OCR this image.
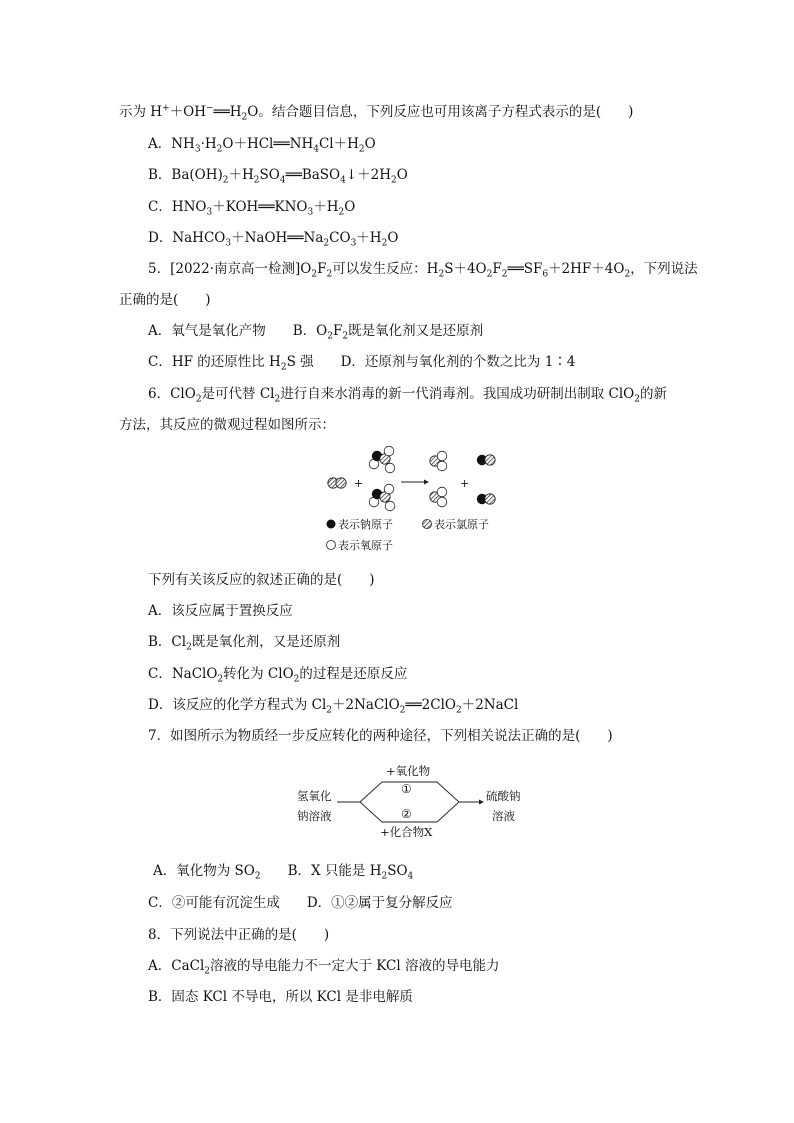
示为 $H^++OH^-══H_2O$。结合题目信息，下列反应也可用该离子方程式表示的是(　　)
A．$NH_3\cdot H_2O+HCl══NH_4Cl+H_2O$
B．$Ba(OH)_2+H_2SO_4══BaSO_4↓+2H_2O$
C．$HNO_3+KOH══KNO_3+H_2O$
D．$NaHCO_3+NaOH══Na_2CO_3+H_2O$
5．[2022·南京高一检测]$O_2F_2$可以发生反应：$H_2S+4O_2F_2══SF_6+2HF+4O_2$，下列说法
正确的是(　　)
A．氧气是氧化产物　　B．$O_2F_2$既是氧化剂又是还原剂
C．HF 的还原性比 $H_2S$ 强　　D．还原剂与氧化剂的个数之比为 1∶4
6．ClO$_2$是可代替 $Cl_2$进行自来水消毒的新一代消毒剂。我国成功研制出制取 ClO$_2$的新
方法，其反应的微观过程如图所示：
+	+
表示钠原子	表示氯原子
表示氧原子
下列有关该反应的叙述正确的是(　　)
A．该反应属于置换反应
B．$Cl_2$既是氧化剂，又是还原剂
C．NaClO$_2$转化为 ClO$_2$的过程是还原反应
D．该反应的化学方程式为 $Cl_2+2NaClO_2══2ClO_2+2NaCl$
7．如图所示为物质经一步反应转化的两种途径，下列相关说法正确的是(　　)
氢氧化
钠溶液
硫酸钠
溶液
+氧化物
①
②
+化合物X
A．氧化物为 $SO_2$　　B．X 只能是 $H_2SO_4$
C．②可能有沉淀生成　　D．①②属于复分解反应
8．下列说法中正确的是(　　)
A．CaCl$_2$溶液的导电能力不一定大于 KCl 溶液的导电能力
B．固态 KCl 不导电，所以 KCl 是非电解质
